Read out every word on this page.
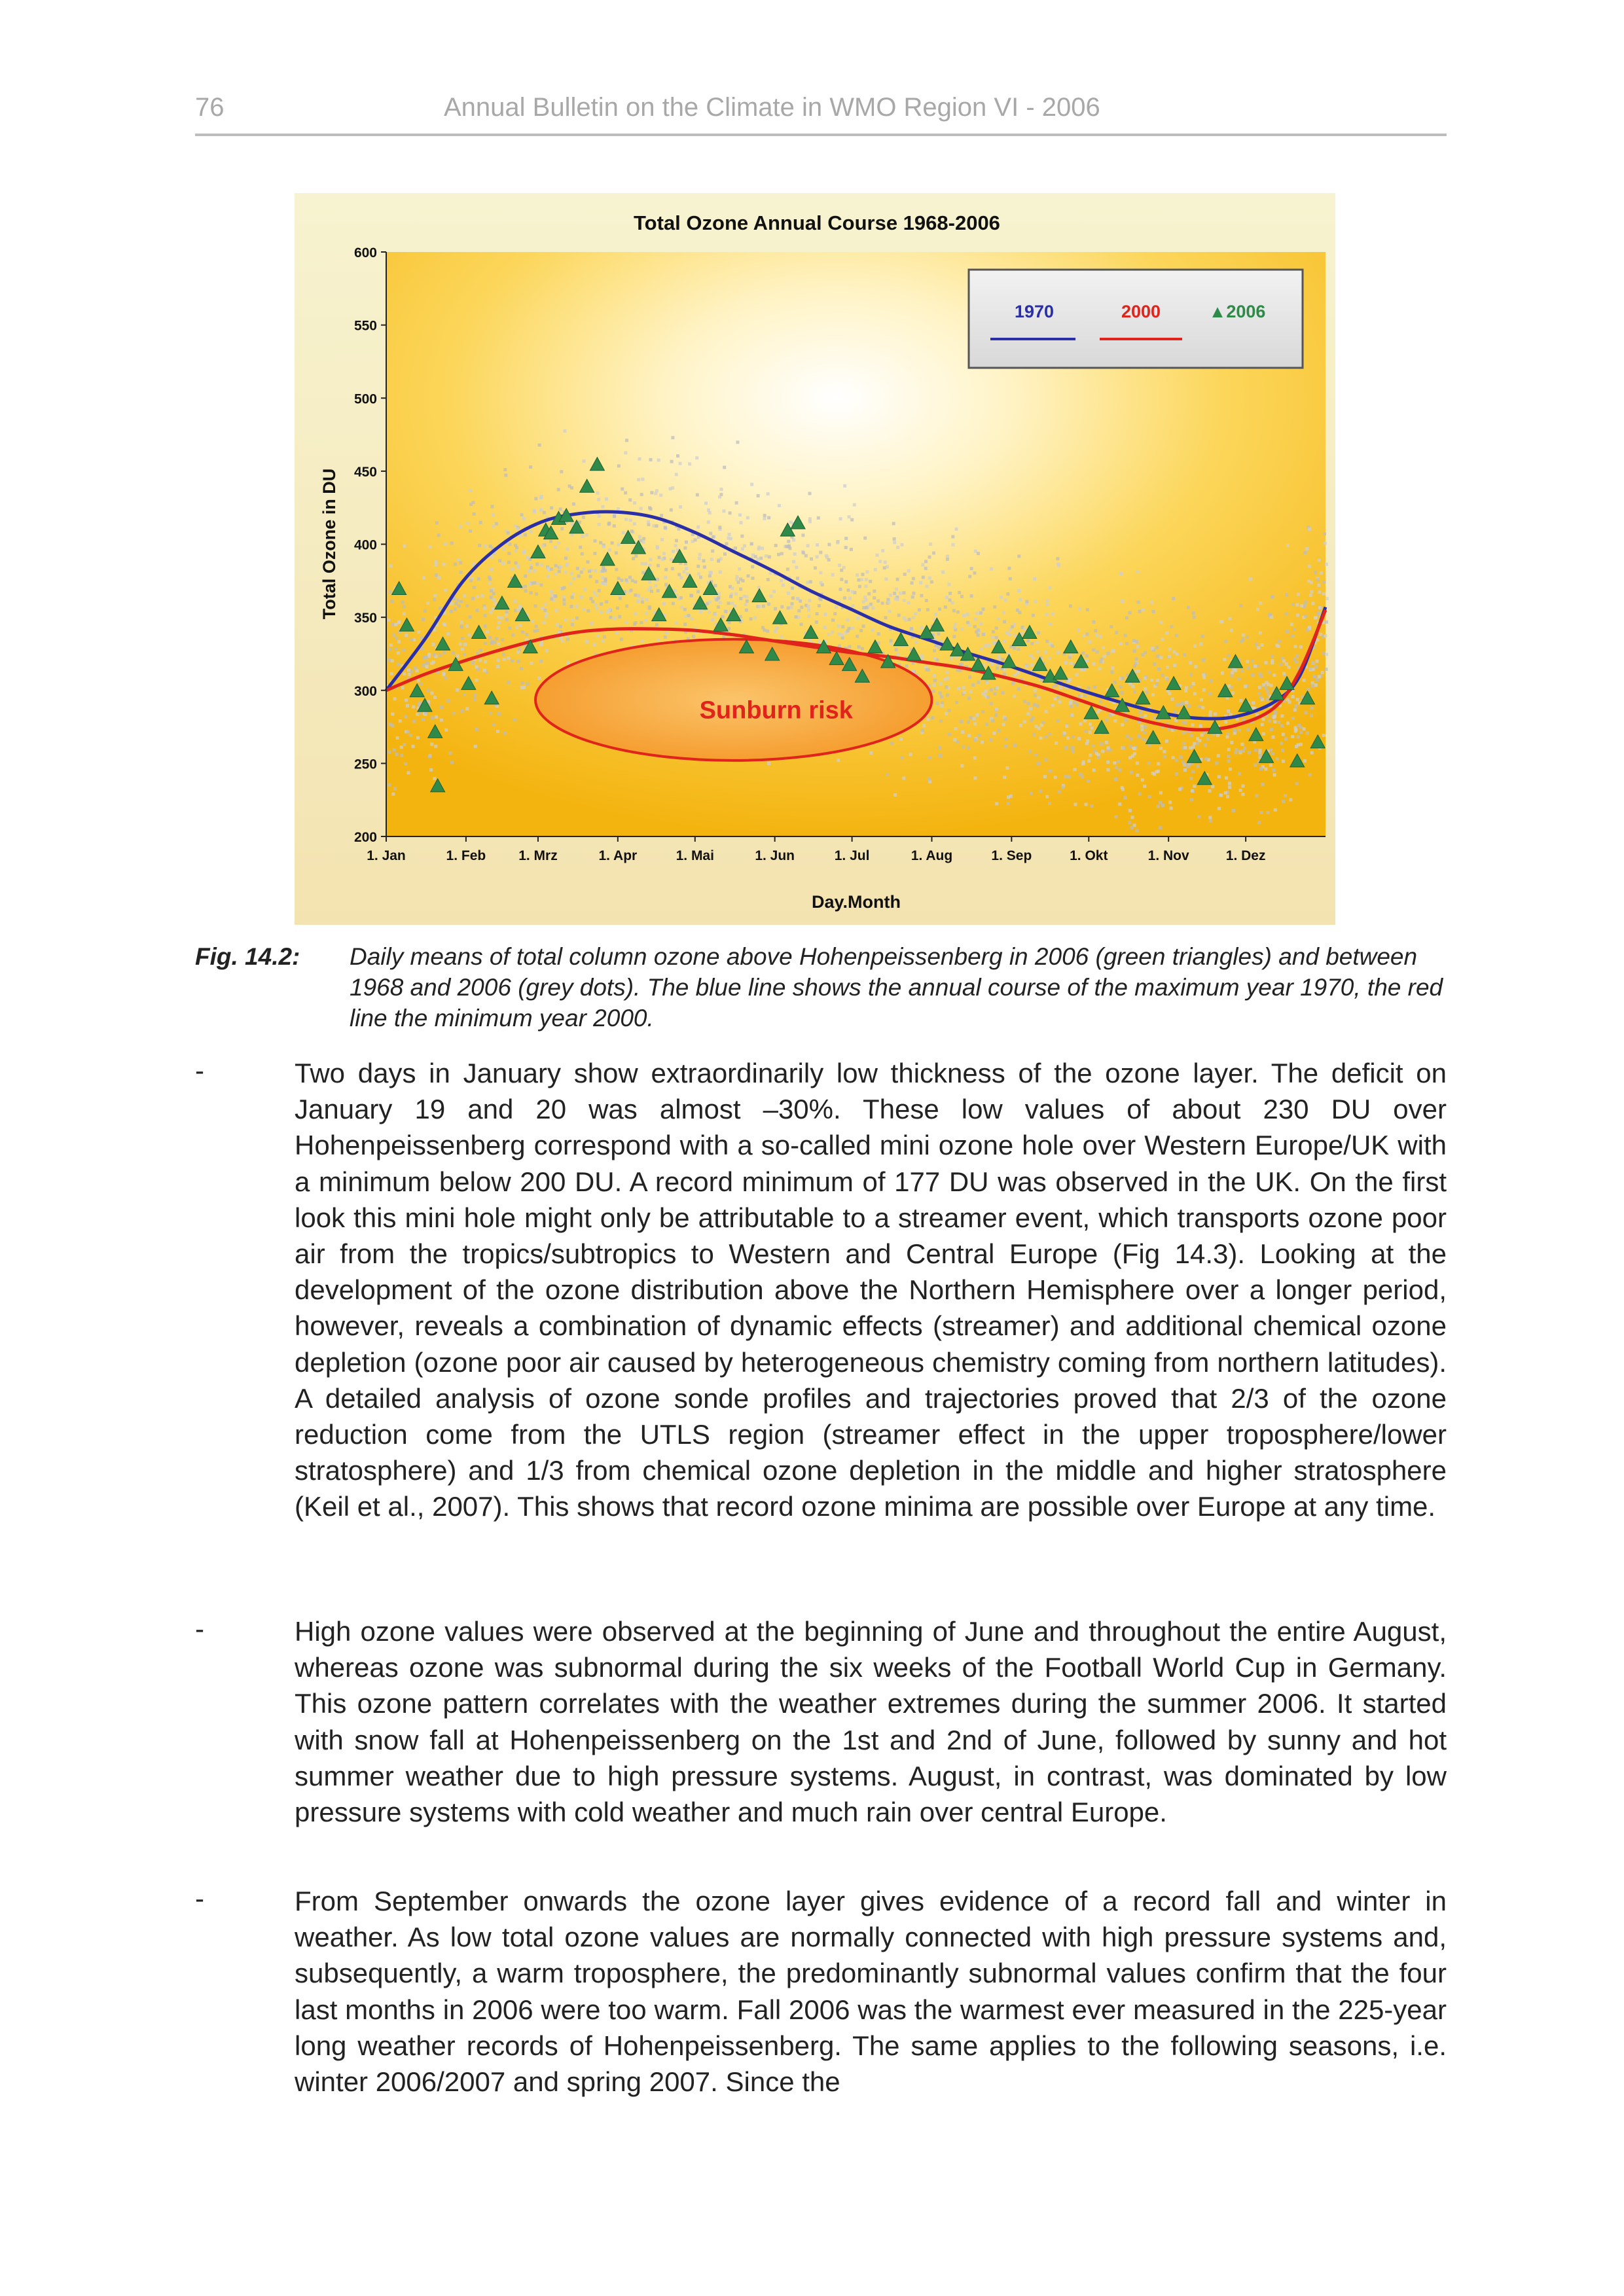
76	Annual Bulletin on the Climate in WMO Region VI - 2006
Sunburn risk
200
250
300
350
400
450
500
550
600
1. Jan	1. Feb 1. Mrz	1. Apr	1. Mai	1. Jun	1. Jul	1. Aug	1. Sep	1. Okt	1. Nov	1. Dez
Total Ozone Annual Course 1968-2006
Day.Month
Total Ozone in DU
1970	2000	▲2006
Fig. 14.2: Daily means of total column ozone above Hohenpeissenberg in 2006 (green triangles) and between 1968 and 2006 (grey dots). The blue line shows the annual course of the maximum year 1970, the red line the minimum year 2000.
-	Two days in January show extraordinarily low thickness of the ozone layer. The deficit on January 19 and 20 was almost –30%. These low values of about 230 DU over Hohenpeissenberg correspond with a so-called mini ozone hole over Western Europe/UK with a minimum below 200 DU. A record minimum of 177 DU was observed in the UK. On the first look this mini hole might only be attributable to a streamer event, which transports ozone poor air from the tropics/subtropics to Western and Central Europe (Fig 14.3). Looking at the development of the ozone distribution above the Northern Hemisphere over a longer period, however, reveals a combination of dynamic effects (streamer) and additional chemical ozone depletion (ozone poor air caused by heterogeneous chemistry coming from northern latitudes). A detailed analysis of ozone sonde profiles and trajectories proved that 2/3 of the ozone reduction come from the UTLS region (streamer effect in the upper troposphere/lower stratosphere) and 1/3 from chemical ozone depletion in the middle and higher stratosphere (Keil et al., 2007). This shows that record ozone minima are possible over Europe at any time.
-	High ozone values were observed at the beginning of June and throughout the entire August, whereas ozone was subnormal during the six weeks of the Football World Cup in Germany. This ozone pattern correlates with the weather extremes during the summer 2006. It started with snow fall at Hohenpeissenberg on the 1st and 2nd of June, followed by sunny and hot summer weather due to high pressure systems. August, in contrast, was dominated by low pressure systems with cold weather and much rain over central Europe.
-	From September onwards the ozone layer gives evidence of a record fall and winter in weather. As low total ozone values are normally connected with high pressure systems and, subsequently, a warm troposphere, the predominantly subnormal values confirm that the four last months in 2006 were too warm. Fall 2006 was the warmest ever measured in the 225-year long weather records of Hohenpeissenberg. The same applies to the following seasons, i.e. winter 2006/2007 and spring 2007. Since the
